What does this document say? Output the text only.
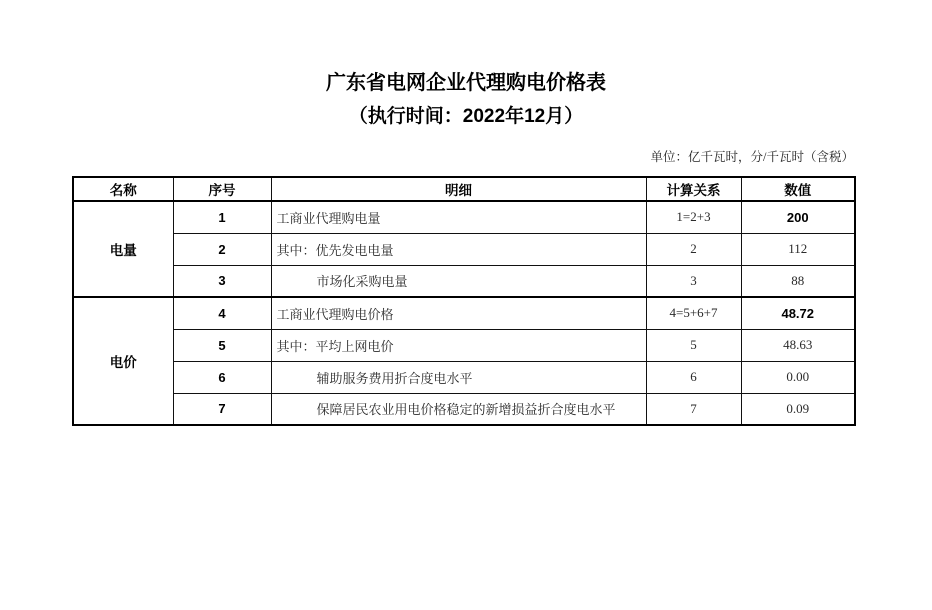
广东省电网企业代理购电价格表
（执行时间：2022年12月）
单位：亿千瓦时，分/千瓦时（含税）
名称	序号	明细	计算关系	数值
电量	1	工商业代理购电量	1=2+3	200
	2	其中：优先发电电量	2	112
	3	市场化采购电量	3	88
电价	4	工商业代理购电价格	4=5+6+7	48.72
	5	其中：平均上网电价	5	48.63
	6	辅助服务费用折合度电水平	6	0.00
	7	保障居民农业用电价格稳定的新增损益折合度电水平	7	0.09
